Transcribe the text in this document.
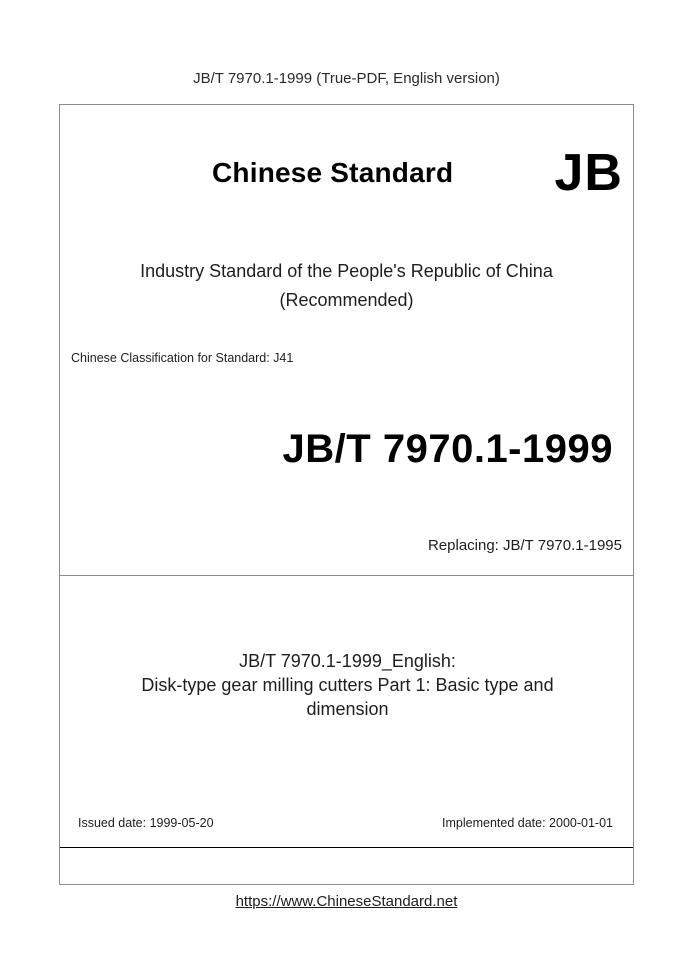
JB/T 7970.1-1999 (True-PDF, English version)
Chinese Standard JB
Industry Standard of the People's Republic of China
(Recommended)
Chinese Classification for Standard: J41
JB/T 7970.1-1999
Replacing: JB/T 7970.1-1995
JB/T 7970.1-1999_English:
Disk-type gear milling cutters Part 1: Basic type and
dimension
Issued date: 1999-05-20	Implemented date: 2000-01-01
https://www.ChineseStandard.net
